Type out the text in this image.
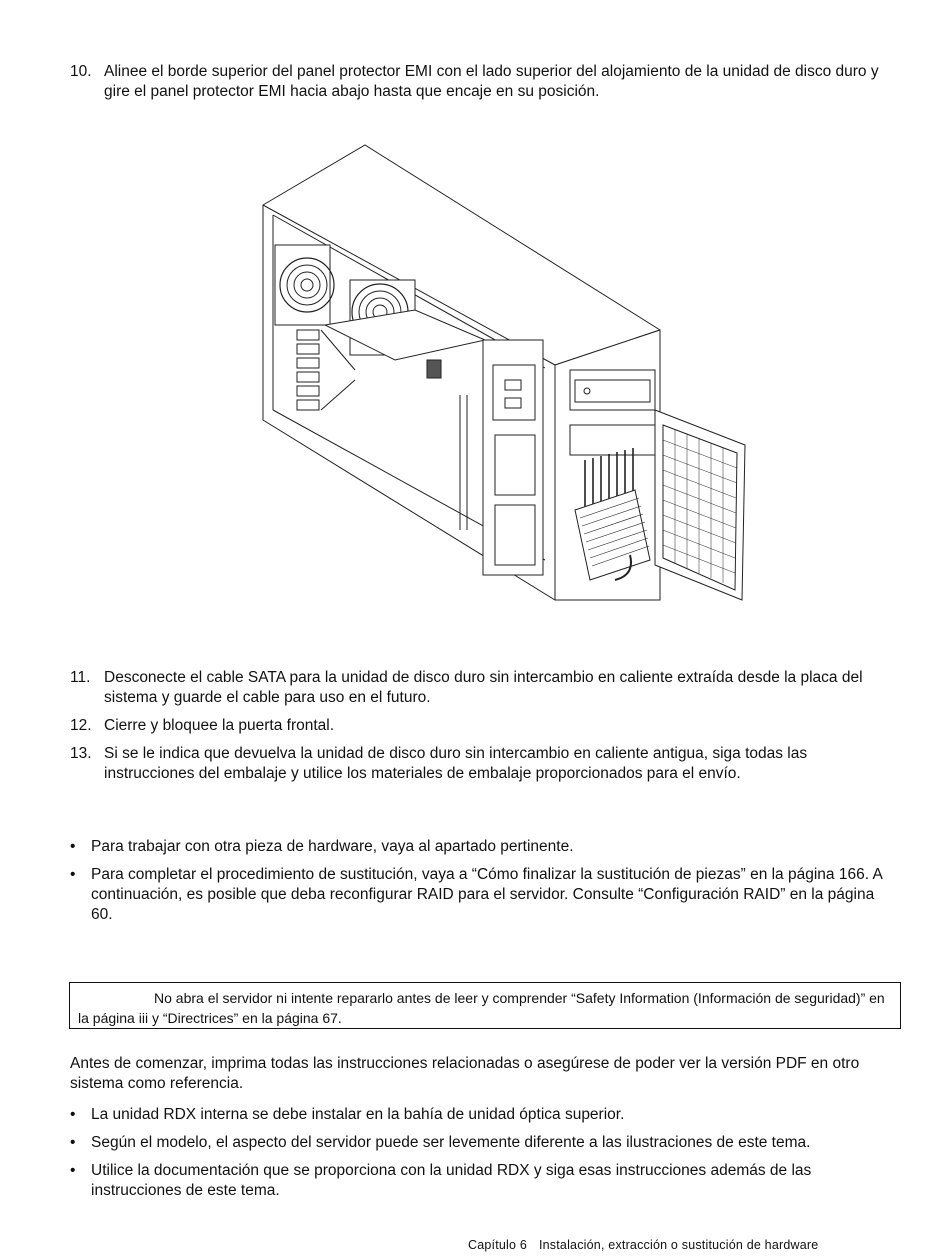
10. Alinee el borde superior del panel protector EMI con el lado superior del alojamiento de la unidad de disco duro y gire el panel protector EMI hacia abajo hasta que encaje en su posición.
11. Desconecte el cable SATA para la unidad de disco duro sin intercambio en caliente extraída desde la placa del sistema y guarde el cable para uso en el futuro.
12. Cierre y bloquee la puerta frontal.
13. Si se le indica que devuelva la unidad de disco duro sin intercambio en caliente antigua, siga todas las instrucciones del embalaje y utilice los materiales de embalaje proporcionados para el envío.
• Para trabajar con otra pieza de hardware, vaya al apartado pertinente.
• Para completar el procedimiento de sustitución, vaya a “Cómo finalizar la sustitución de piezas” en la página 166. A continuación, es posible que deba reconfigurar RAID para el servidor. Consulte “Configuración RAID” en la página 60.
No abra el servidor ni intente repararlo antes de leer y comprender “Safety Information (Información de seguridad)” en la página iii y “Directrices” en la página 67.
Antes de comenzar, imprima todas las instrucciones relacionadas o asegúrese de poder ver la versión PDF en otro sistema como referencia.
• La unidad RDX interna se debe instalar en la bahía de unidad óptica superior.
• Según el modelo, el aspecto del servidor puede ser levemente diferente a las ilustraciones de este tema.
• Utilice la documentación que se proporciona con la unidad RDX y siga esas instrucciones además de las instrucciones de este tema.
Capítulo 6 Instalación, extracción o sustitución de hardware
